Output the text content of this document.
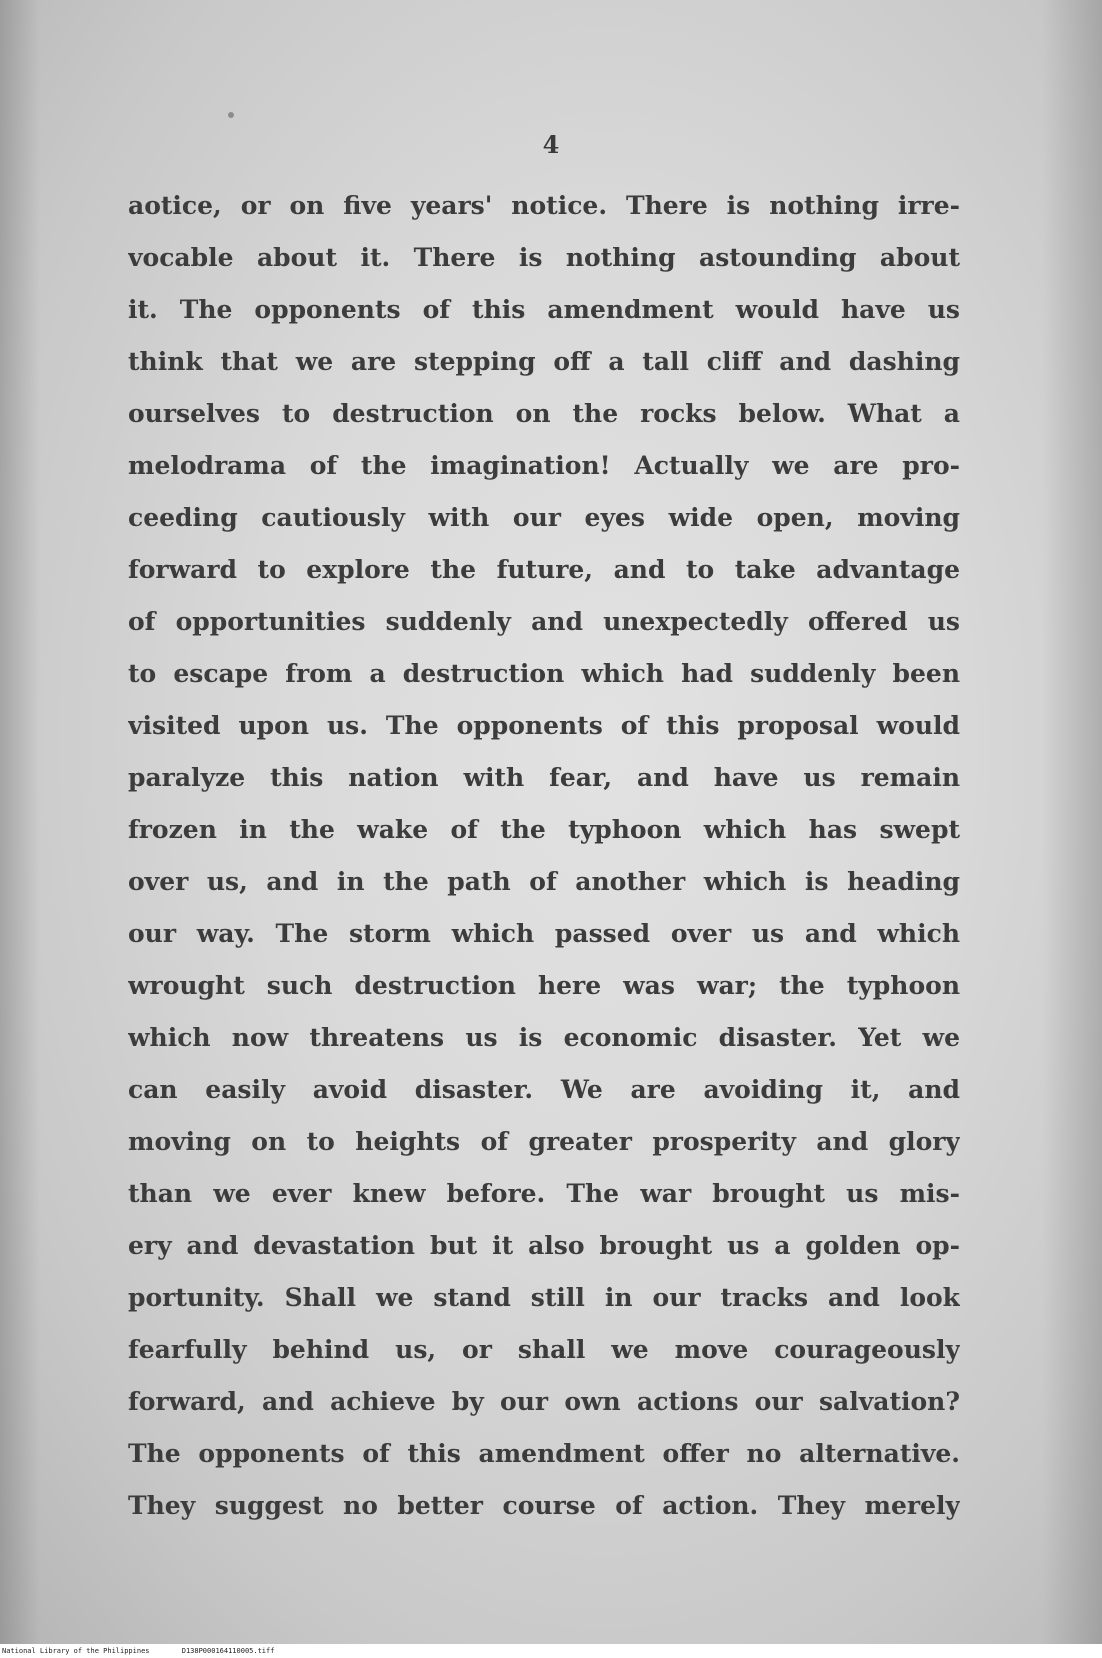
4
aotice, or on five years' notice. There is nothing irre-
vocable about it. There is nothing astounding about
it. The opponents of this amendment would have us
think that we are stepping off a tall cliff and dashing
ourselves to destruction on the rocks below. What a
melodrama of the imagination! Actually we are pro-
ceeding cautiously with our eyes wide open, moving
forward to explore the future, and to take advantage
of opportunities suddenly and unexpectedly offered us
to escape from a destruction which had suddenly been
visited upon us. The opponents of this proposal would
paralyze this nation with fear, and have us remain
frozen in the wake of the typhoon which has swept
over us, and in the path of another which is heading
our way. The storm which passed over us and which
wrought such destruction here was war; the typhoon
which now threatens us is economic disaster. Yet we
can easily avoid disaster. We are avoiding it, and
moving on to heights of greater prosperity and glory
than we ever knew before. The war brought us mis-
ery and devastation but it also brought us a golden op-
portunity. Shall we stand still in our tracks and look
fearfully behind us, or shall we move courageously
forward, and achieve by our own actions our salvation?
The opponents of this amendment offer no alternative.
They suggest no better course of action. They merely
National Library of the Philippines	D138P000164110005.tiff
